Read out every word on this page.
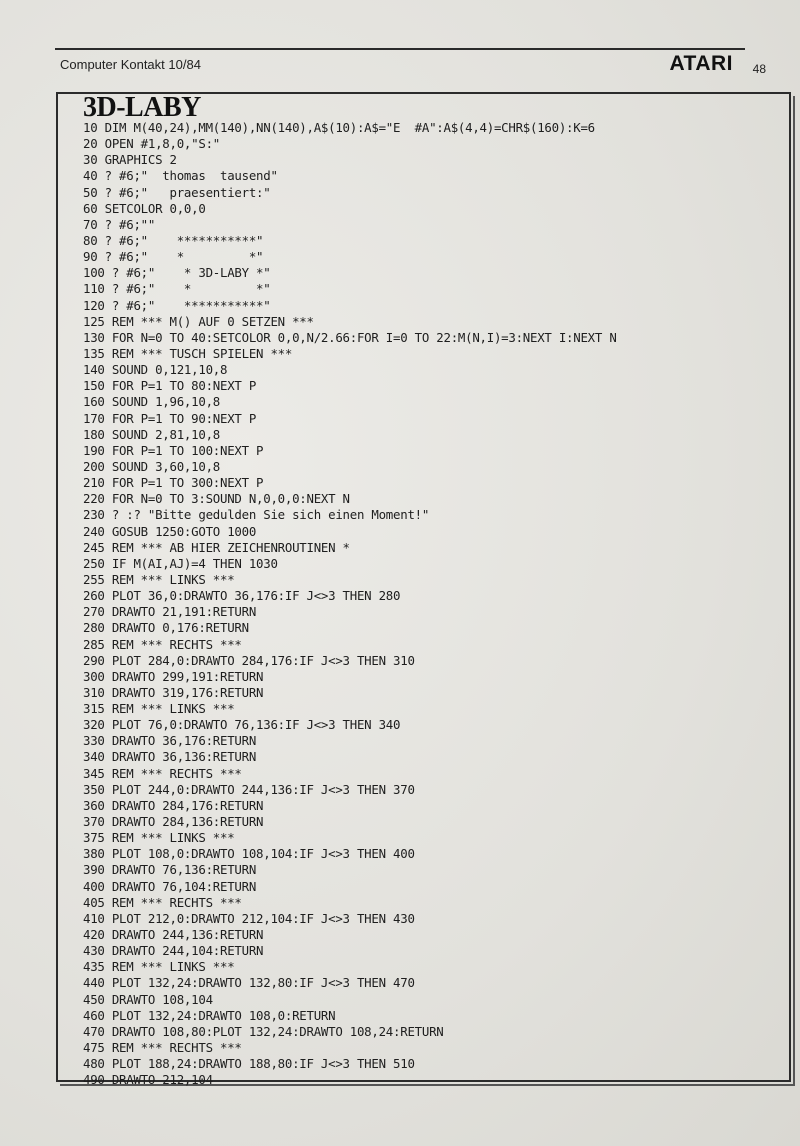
Computer Kontakt 10/84	ATARI 48
3D-LABY
10 DIM M(40,24),MM(140),NN(140),A$(10):A$="E  #A":A$(4,4)=CHR$(160):K=6
20 OPEN #1,8,0,"S:"
30 GRAPHICS 2
40 ? #6;"  thomas  tausend"
50 ? #6;"   praesentiert:"
60 SETCOLOR 0,0,0
70 ? #6;""
80 ? #6;"    ***********"
90 ? #6;"    *         *"
100 ? #6;"    * 3D-LABY *"
110 ? #6;"    *         *"
120 ? #6;"    ***********"
125 REM *** M() AUF 0 SETZEN ***
130 FOR N=0 TO 40:SETCOLOR 0,0,N/2.66:FOR I=0 TO 22:M(N,I)=3:NEXT I:NEXT N
135 REM *** TUSCH SPIELEN ***
140 SOUND 0,121,10,8
150 FOR P=1 TO 80:NEXT P
160 SOUND 1,96,10,8
170 FOR P=1 TO 90:NEXT P
180 SOUND 2,81,10,8
190 FOR P=1 TO 100:NEXT P
200 SOUND 3,60,10,8
210 FOR P=1 TO 300:NEXT P
220 FOR N=0 TO 3:SOUND N,0,0,0:NEXT N
230 ? :? "Bitte gedulden Sie sich einen Moment!"
240 GOSUB 1250:GOTO 1000
245 REM *** AB HIER ZEICHENROUTINEN *
250 IF M(AI,AJ)=4 THEN 1030
255 REM *** LINKS ***
260 PLOT 36,0:DRAWTO 36,176:IF J<>3 THEN 280
270 DRAWTO 21,191:RETURN
280 DRAWTO 0,176:RETURN
285 REM *** RECHTS ***
290 PLOT 284,0:DRAWTO 284,176:IF J<>3 THEN 310
300 DRAWTO 299,191:RETURN
310 DRAWTO 319,176:RETURN
315 REM *** LINKS ***
320 PLOT 76,0:DRAWTO 76,136:IF J<>3 THEN 340
330 DRAWTO 36,176:RETURN
340 DRAWTO 36,136:RETURN
345 REM *** RECHTS ***
350 PLOT 244,0:DRAWTO 244,136:IF J<>3 THEN 370
360 DRAWTO 284,176:RETURN
370 DRAWTO 284,136:RETURN
375 REM *** LINKS ***
380 PLOT 108,0:DRAWTO 108,104:IF J<>3 THEN 400
390 DRAWTO 76,136:RETURN
400 DRAWTO 76,104:RETURN
405 REM *** RECHTS ***
410 PLOT 212,0:DRAWTO 212,104:IF J<>3 THEN 430
420 DRAWTO 244,136:RETURN
430 DRAWTO 244,104:RETURN
435 REM *** LINKS ***
440 PLOT 132,24:DRAWTO 132,80:IF J<>3 THEN 470
450 DRAWTO 108,104
460 PLOT 132,24:DRAWTO 108,0:RETURN
470 DRAWTO 108,80:PLOT 132,24:DRAWTO 108,24:RETURN
475 REM *** RECHTS ***
480 PLOT 188,24:DRAWTO 188,80:IF J<>3 THEN 510
490 DRAWTO 212,104
